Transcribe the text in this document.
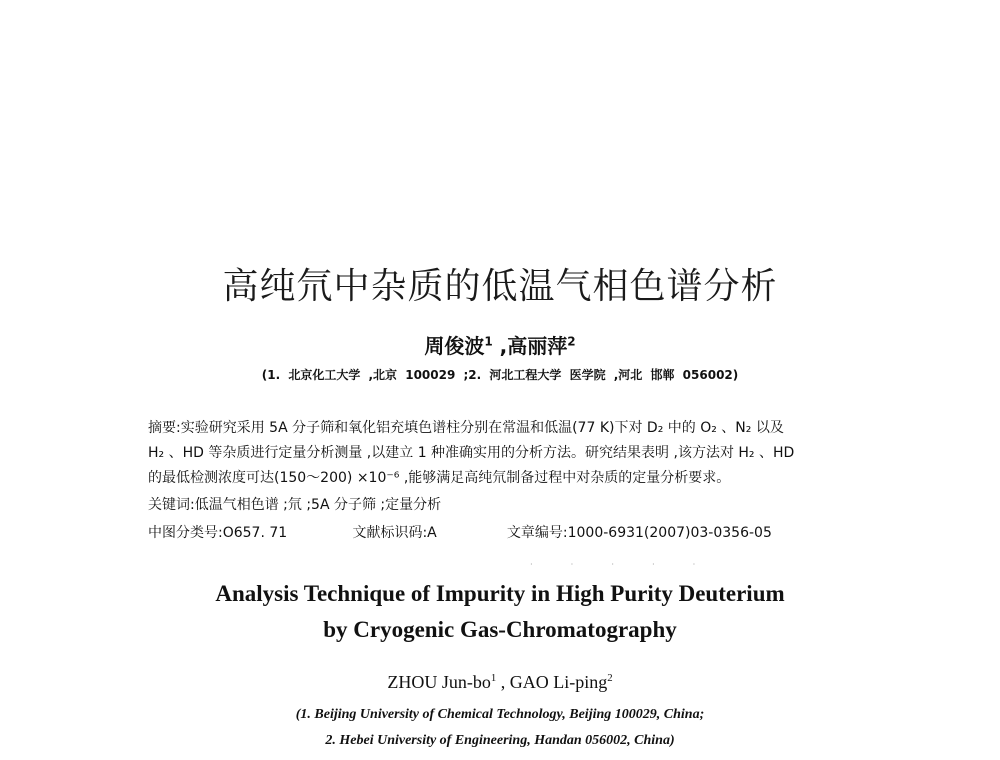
高纯氘中杂质的低温气相色谱分析
周俊波$^1$ ,高丽萍$^2$
(1. 北京化工大学 ,北京 100029 ;2. 河北工程大学 医学院 ,河北 邯郸 056002)

摘要:实验研究采用 5A 分子筛和氧化铝充填色谱柱分别在常温和低温(77 K)下对 D₂ 中的 O₂ 、N₂ 以及

H₂ 、HD 等杂质进行定量分析测量 ,以建立 1 种准确实用的分析方法。研究结果表明 ,该方法对 H₂ 、HD

的最低检测浓度可达(150～200) ×10⁻⁶ ,能够满足高纯氘制备过程中对杂质的定量分析要求。

关键词:低温气相色谱 ;氘 ;5A 分子筛 ;定量分析
中图分类号:O657. 71	文献标识码:A	文章编号:1000-6931(2007)03-0356-05
· · · · ·
Analysis Technique of Impurity in High Purity Deuterium
by Cryogenic Gas-Chromatography
ZHOU Jun-$bo^1$ , GAO Li-ping$^2$
(1. Beijing University of Chemical Technology, Beijing 100029, China;
2. Hebei University of Engineering, Handan 056002, China)
